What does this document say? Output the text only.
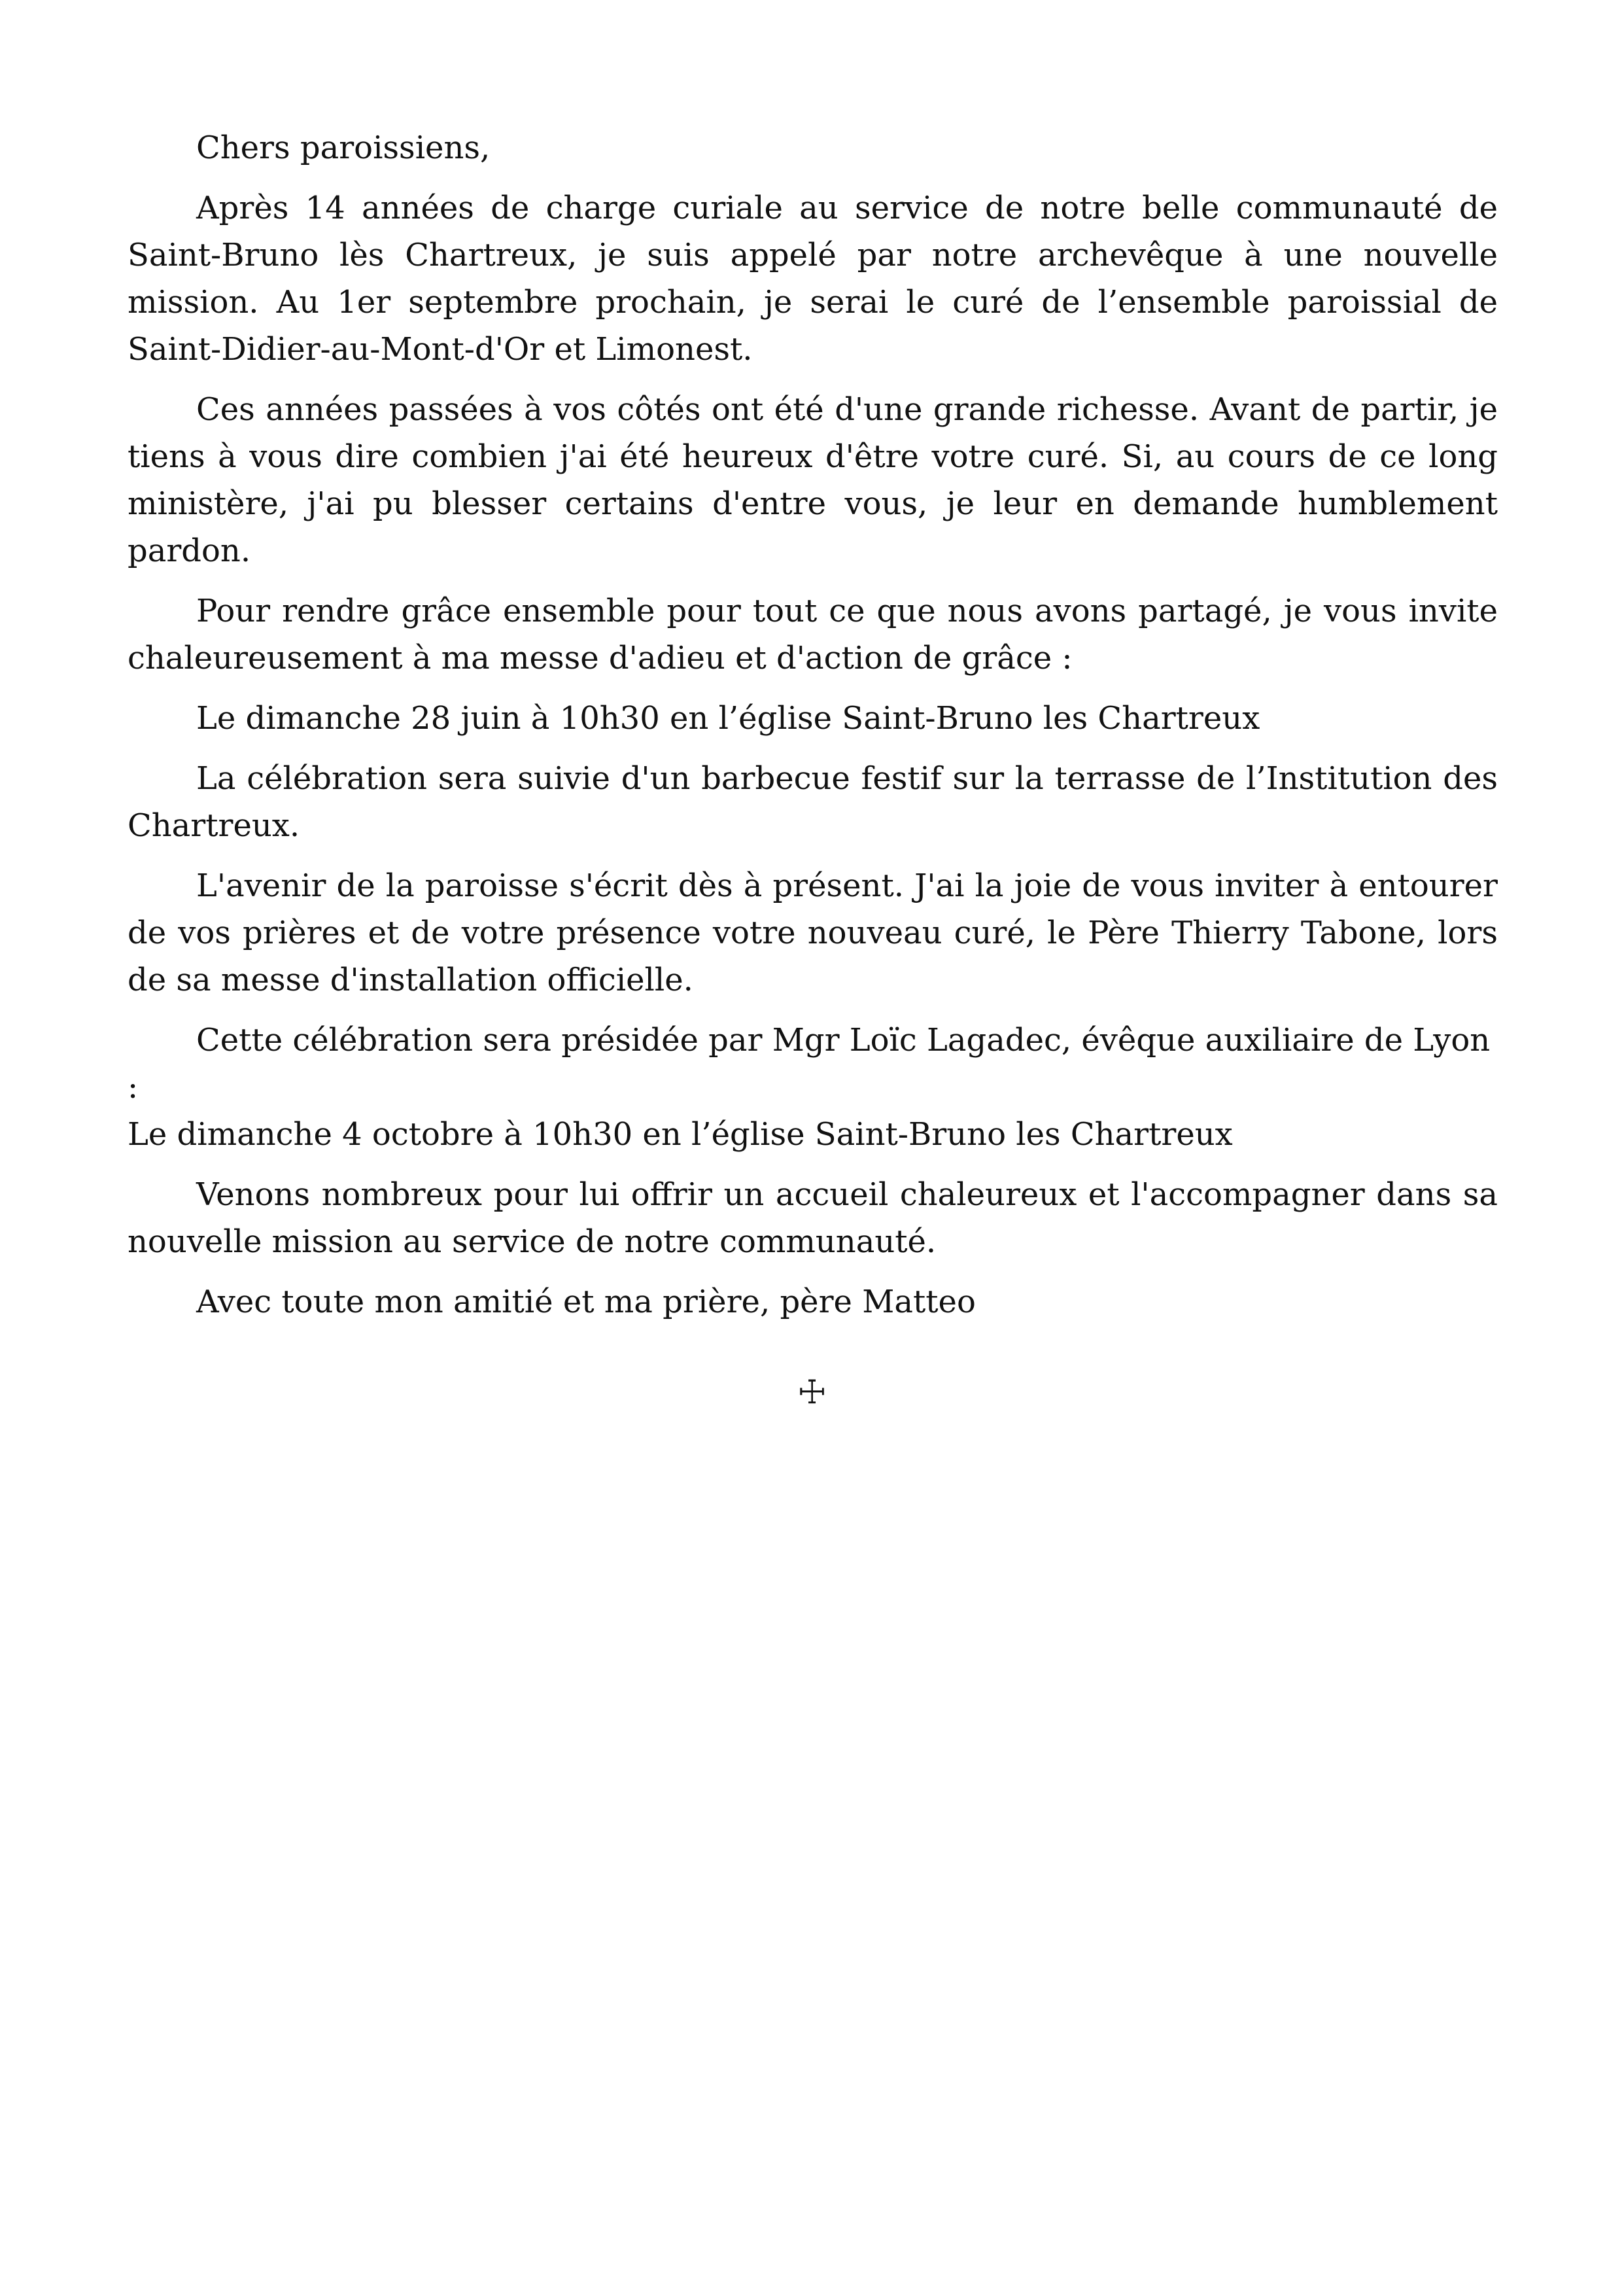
Chers paroissiens,

Après 14 années de charge curiale au service de notre belle communauté de Saint-Bruno lès Chartreux, je suis appelé par notre archevêque à une nouvelle mission. Au 1er septembre prochain, je serai le curé de l’ensemble paroissial de Saint-Didier-au-Mont-d'Or et Limonest.

Ces années passées à vos côtés ont été d'une grande richesse. Avant de partir, je tiens à vous dire combien j'ai été heureux d'être votre curé. Si, au cours de ce long ministère, j'ai pu blesser certains d'entre vous, je leur en demande humblement pardon.

Pour rendre grâce ensemble pour tout ce que nous avons partagé, je vous invite chaleureusement à ma messe d'adieu et d'action de grâce :

Le dimanche 28 juin à 10h30 en l’église Saint-Bruno les Chartreux

La célébration sera suivie d'un barbecue festif sur la terrasse de l’Institution des Chartreux.

L'avenir de la paroisse s'écrit dès à présent. J'ai la joie de vous inviter à entourer de vos prières et de votre présence votre nouveau curé, le Père Thierry Tabone, lors de sa messe d'installation officielle.

Cette célébration sera présidée par Mgr Loïc Lagadec, évêque auxiliaire de Lyon :
Le dimanche 4 octobre à 10h30 en l’église Saint-Bruno les Chartreux

Venons nombreux pour lui offrir un accueil chaleureux et l'accompagner dans sa nouvelle mission au service de notre communauté.

Avec toute mon amitié et ma prière, père Matteo

☩
